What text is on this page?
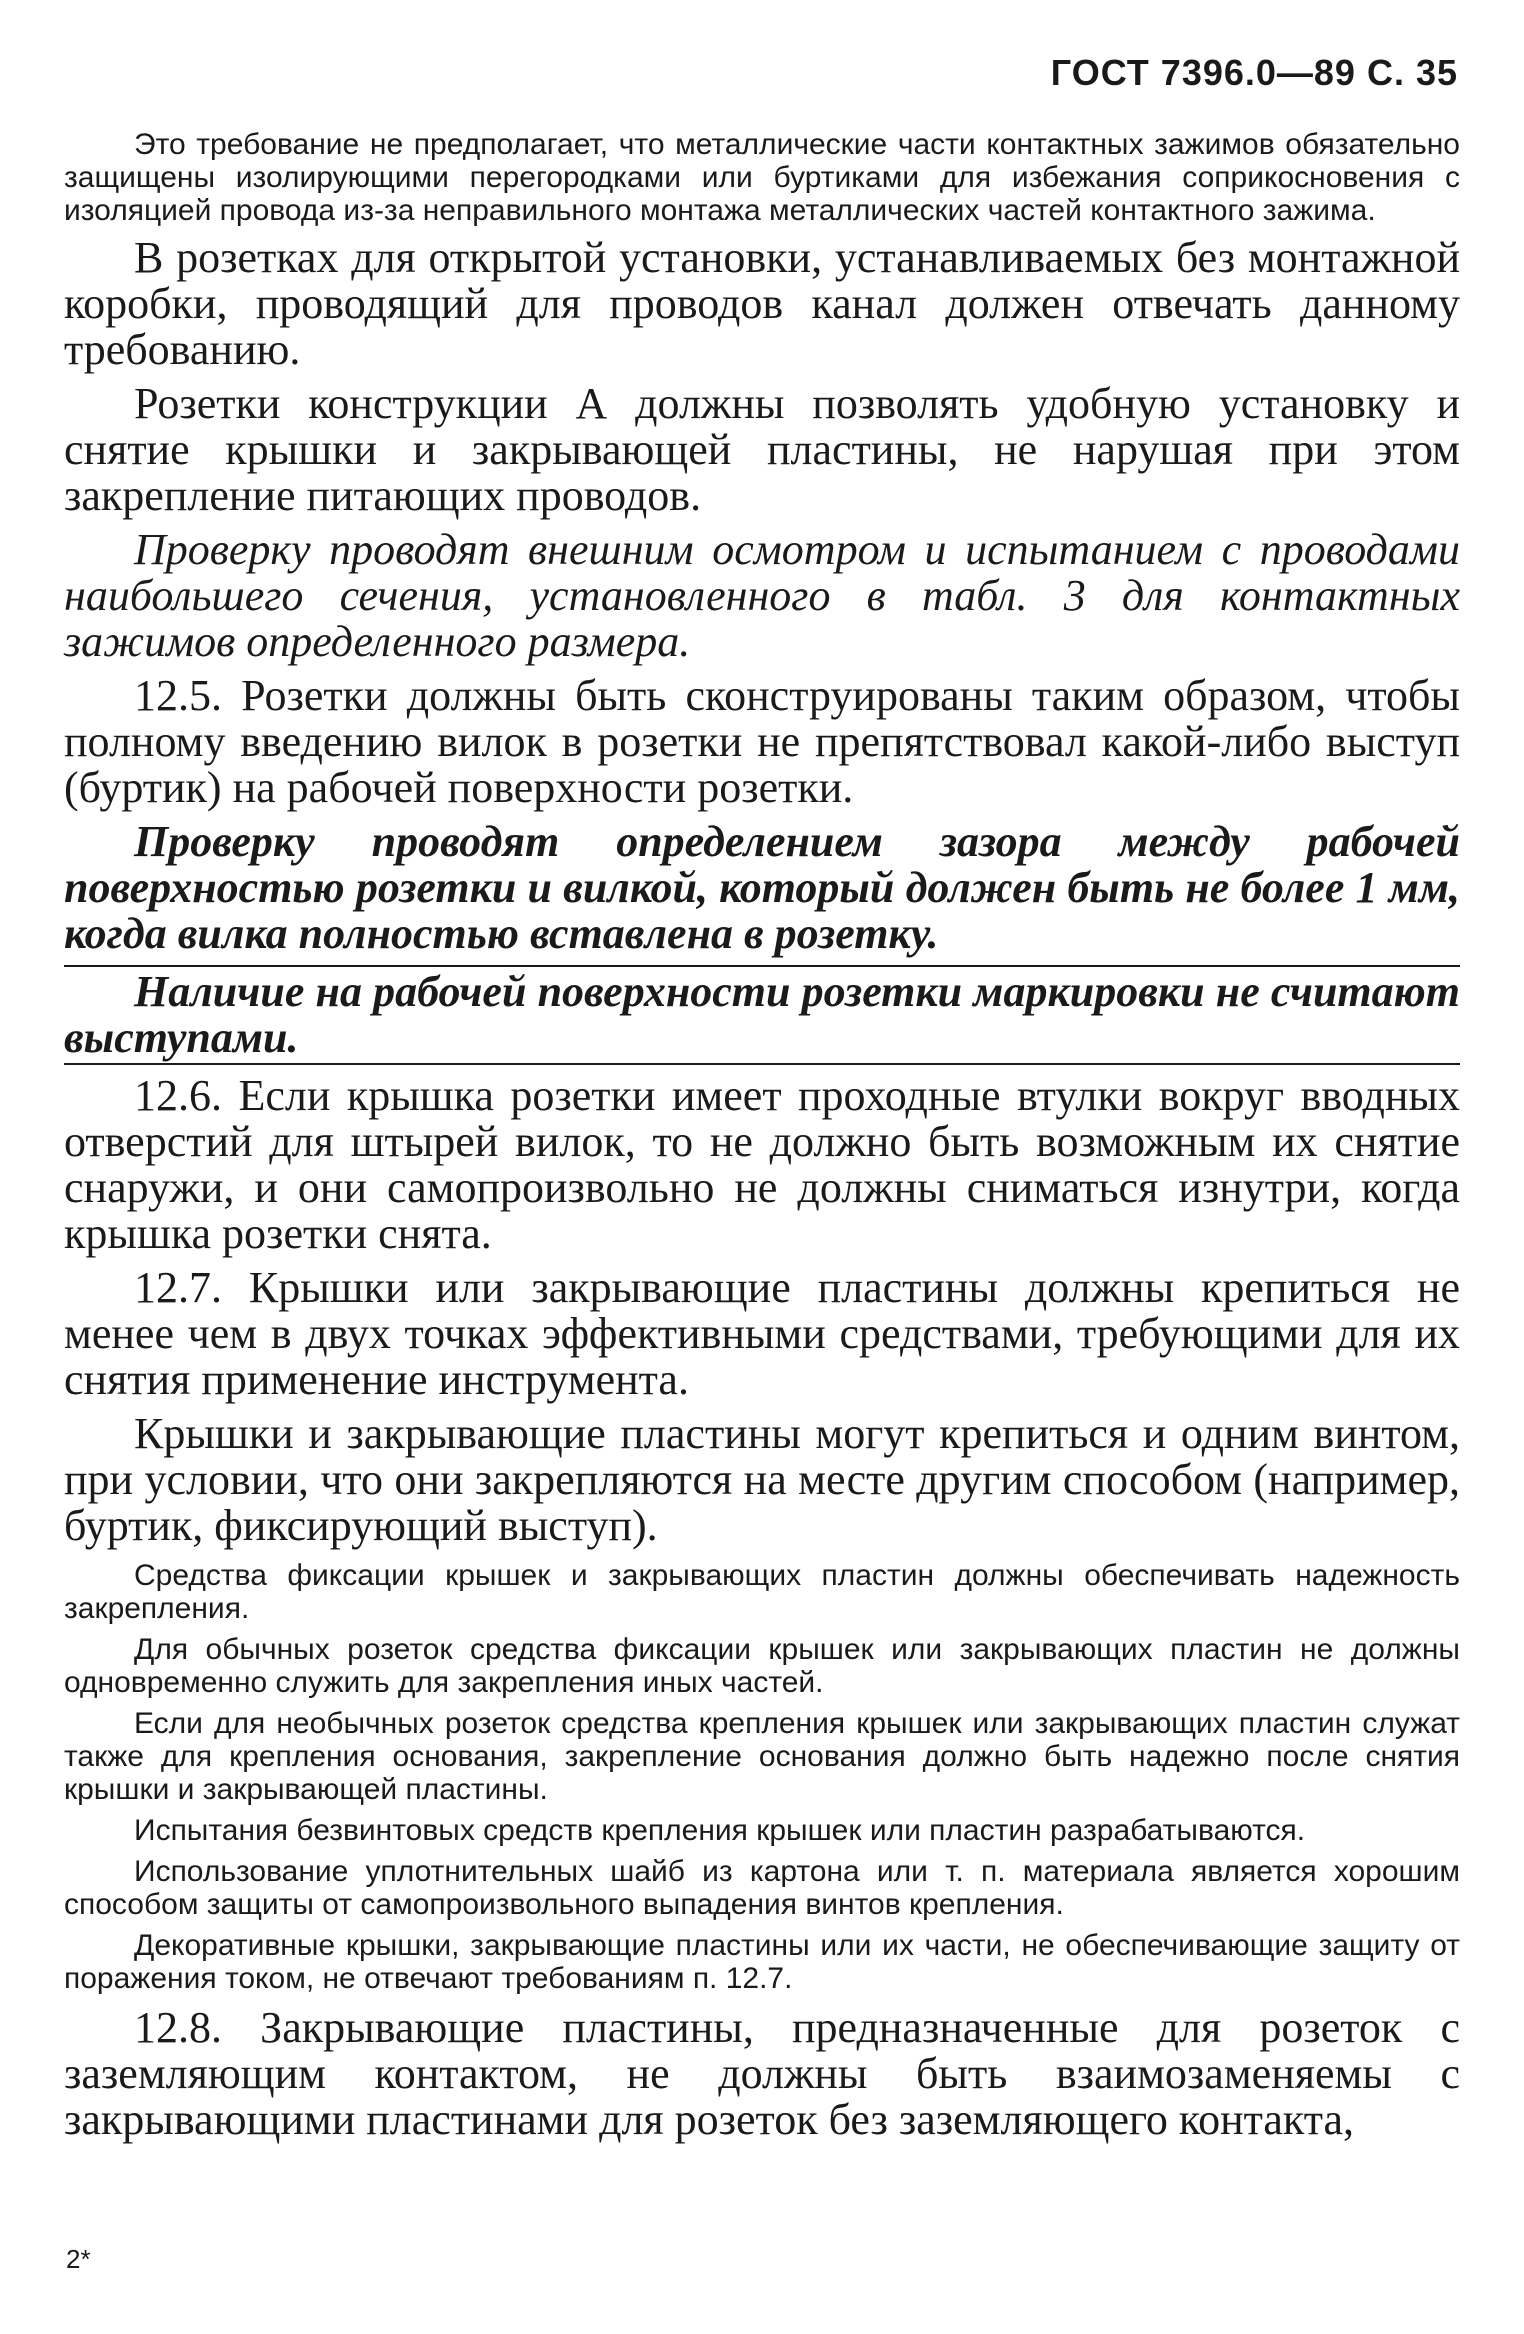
ГОСТ 7396.0—89 С. 35

Это требование не предполагает, что металлические части контактных зажимов обязательно защищены изолирующими перегородками или буртиками для избежания соприкосновения с изоляцией провода из-за неправильного монтажа металлических частей контактного зажима.

В розетках для открытой установки, устанавливаемых без монтажной коробки, проводящий для проводов канал должен отвечать данному требованию.

Розетки конструкции А должны позволять удобную установку и снятие крышки и закрывающей пластины, не нарушая при этом закрепление питающих проводов.

Проверку проводят внешним осмотром и испытанием с проводами наибольшего сечения, установленного в табл. 3 для контактных зажимов определенного размера.

12.5. Розетки должны быть сконструированы таким образом, чтобы полному введению вилок в розетки не препятствовал какой-либо выступ (буртик) на рабочей поверхности розетки.

Проверку проводят определением зазора между рабочей поверхностью розетки и вилкой, который должен быть не более 1 мм, когда вилка полностью вставлена в розетку.

Наличие на рабочей поверхности розетки маркировки не считают выступами.

12.6. Если крышка розетки имеет проходные втулки вокруг вводных отверстий для штырей вилок, то не должно быть возможным их снятие снаружи, и они самопроизвольно не должны сниматься изнутри, когда крышка розетки снята.

12.7. Крышки или закрывающие пластины должны крепиться не менее чем в двух точках эффективными средствами, требующими для их снятия применение инструмента.

Крышки и закрывающие пластины могут крепиться и одним винтом, при условии, что они закрепляются на месте другим способом (например, буртик, фиксирующий выступ).

Средства фиксации крышек и закрывающих пластин должны обеспечивать надежность закрепления.

Для обычных розеток средства фиксации крышек или закрывающих пластин не должны одновременно служить для закрепления иных частей.

Если для необычных розеток средства крепления крышек или закрывающих пластин служат также для крепления основания, закрепление основания должно быть надежно после снятия крышки и закрывающей пластины.

Испытания безвинтовых средств крепления крышек или пластин разрабатываются.

Использование уплотнительных шайб из картона или т. п. материала является хорошим способом защиты от самопроизвольного выпадения винтов крепления.

Декоративные крышки, закрывающие пластины или их части, не обеспечивающие защиту от поражения током, не отвечают требованиям п. 12.7.

12.8. Закрывающие пластины, предназначенные для розеток с заземляющим контактом, не должны быть взаимозаменяемы с закрывающими пластинами для розеток без заземляющего контакта,

2*
